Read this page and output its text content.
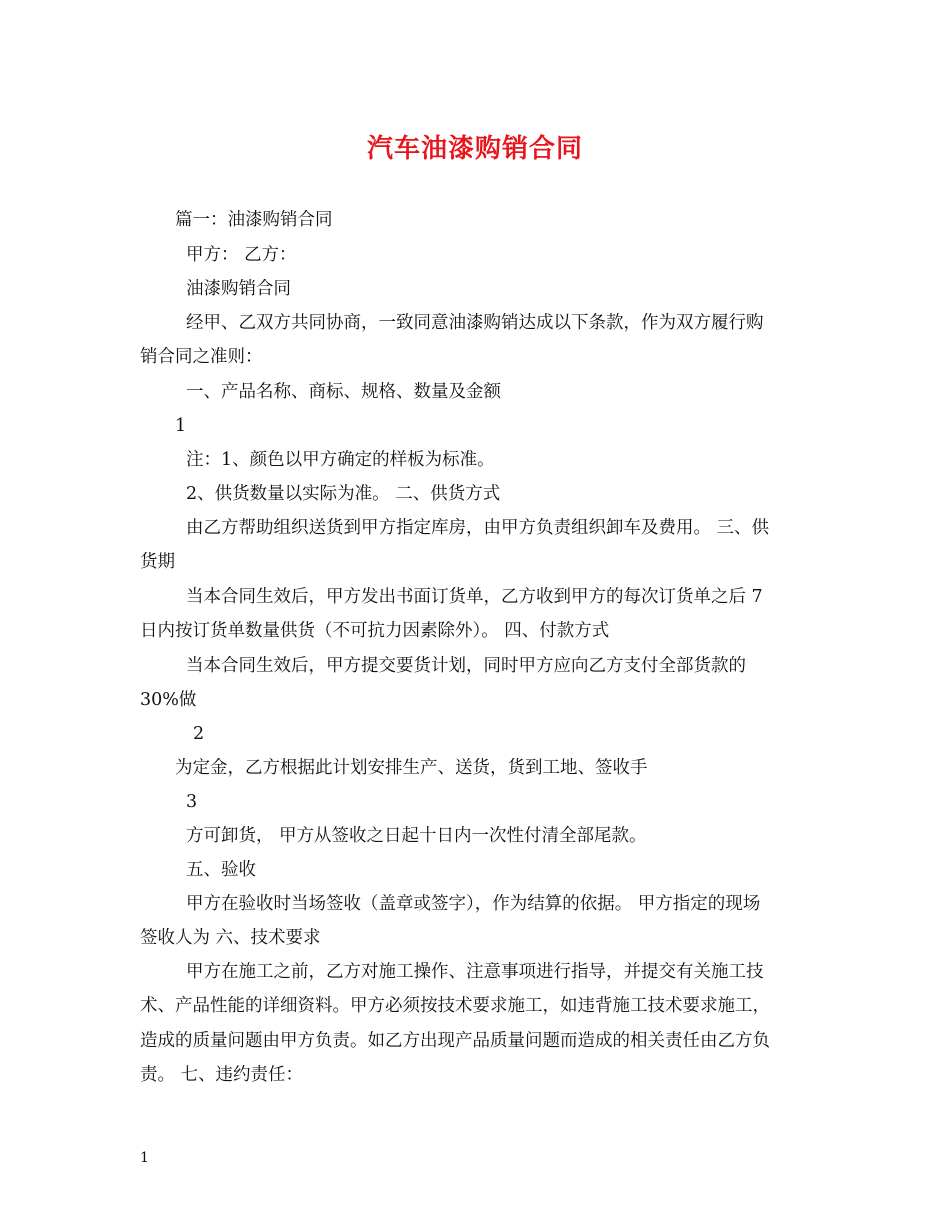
汽车油漆购销合同
篇一：油漆购销合同
甲方： 乙方：
油漆购销合同
经甲、乙双方共同协商，一致同意油漆购销达成以下条款，作为双方履行购
销合同之准则：
一、产品名称、商标、规格、数量及金额
1
注：1、颜色以甲方确定的样板为标准。
2、供货数量以实际为准。 二、供货方式
由乙方帮助组织送货到甲方指定库房，由甲方负责组织卸车及费用。 三、供
货期
当本合同生效后，甲方发出书面订货单，乙方收到甲方的每次订货单之后 7
日内按订货单数量供货（不可抗力因素除外）。 四、付款方式
当本合同生效后，甲方提交要货计划，同时甲方应向乙方支付全部货款的
30%做
2
为定金，乙方根据此计划安排生产、送货，货到工地、签收手
3
方可卸货， 甲方从签收之日起十日内一次性付清全部尾款。
五、验收
甲方在验收时当场签收（盖章或签字），作为结算的依据。 甲方指定的现场
签收人为 六、技术要求
甲方在施工之前，乙方对施工操作、注意事项进行指导，并提交有关施工技
术、产品性能的详细资料。甲方必须按技术要求施工，如违背施工技术要求施工，
造成的质量问题由甲方负责。如乙方出现产品质量问题而造成的相关责任由乙方负
责。 七、违约责任：
1
